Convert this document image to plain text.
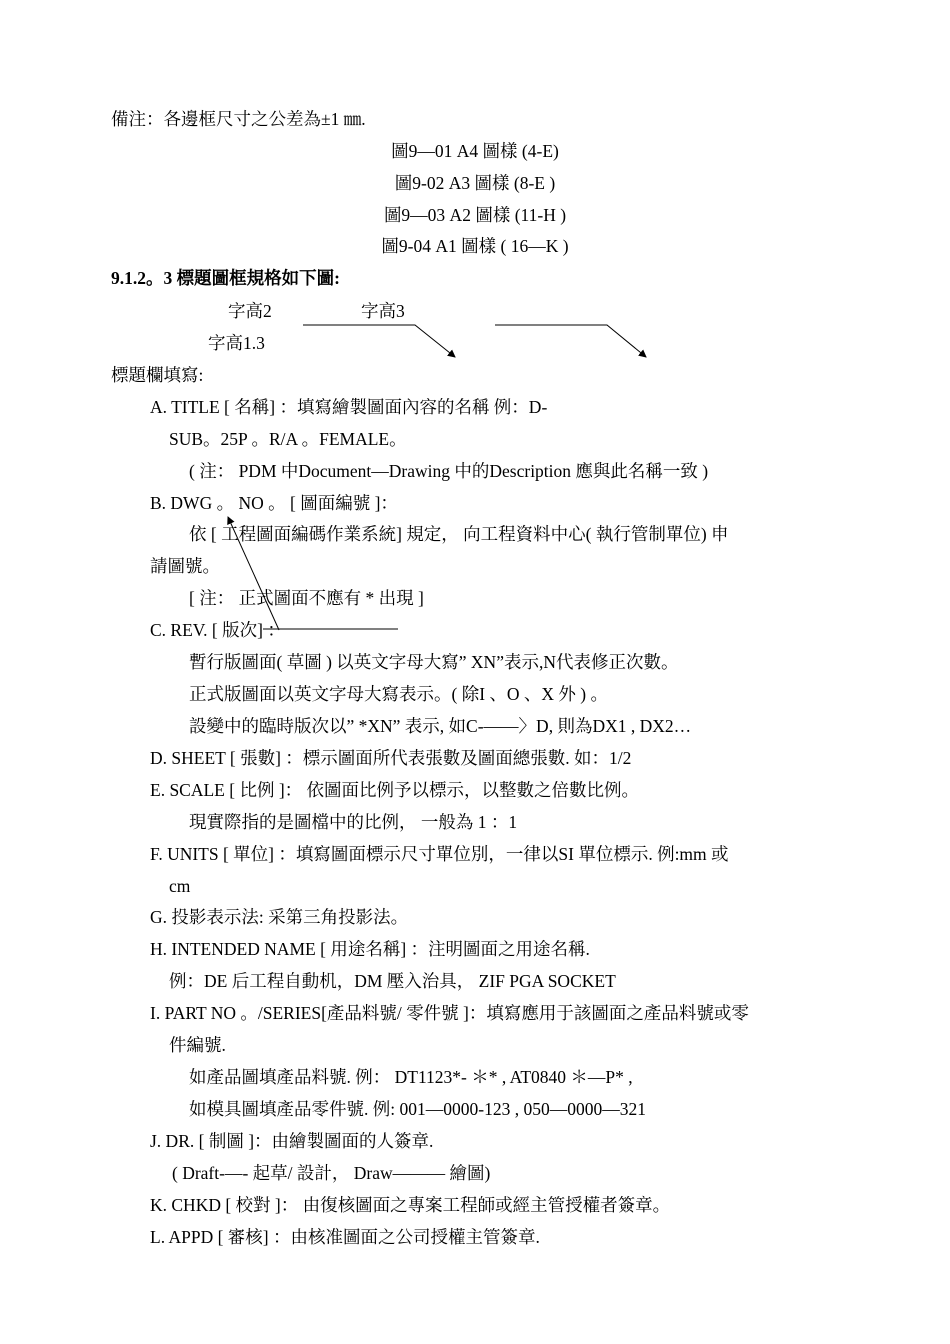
備注：各邊框尺寸之公差為±1 ㎜.
圖9—01 A4 圖樣 (4-E)
圖9-02 A3 圖樣 (8-E )
圖9—03 A2 圖樣 (11-H )
圖9-04 A1 圖樣 ( 16—K )
9.1.2。3 標題圖框規格如下圖:
字高2	字高3
字高1.3
標題欄填寫:
A. TITLE [ 名稱] ：填寫繪製圖面內容的名稱 例：D-
SUB。25P 。R/A 。FEMALE。
( 注： PDM 中Document—Drawing 中的Description 應與此名稱一致 )
B. DWG 。 NO 。 [ 圖面編號 ]：
依 [ 工程圖面編碼作業系統] 規定， 向工程資料中心( 執行管制單位) 申
請圖號。
[ 注： 正式圖面不應有 * 出現 ]
C. REV. [ 版次] ：
暫行版圖面( 草圖 ) 以英文字母大寫” XN”表示,N代表修正次數。
正式版圖面以英文字母大寫表示。( 除I 、O 、X 外 ) 。
設變中的臨時版次以” *XN” 表示, 如C-——〉D, 則為DX1 , DX2…
D. SHEET [ 張數] ：標示圖面所代表張數及圖面總張數. 如：1/2
E. SCALE [ 比例 ]： 依圖面比例予以標示，以整數之倍數比例。
現實際指的是圖檔中的比例， 一般為 1 ：1
F. UNITS [ 單位] ：填寫圖面標示尺寸單位別，一律以SI 單位標示. 例:mm 或
cm
G. 投影表示法: 采第三角投影法。
H. INTENDED NAME [ 用途名稱] ：注明圖面之用途名稱.
例：DE 后工程自動机，DM 壓入治具， ZIF PGA SOCKET
I. PART NO 。/SERIES[產品料號/ 零件號 ]：填寫應用于該圖面之產品料號或零
件編號.
如產品圖填產品料號. 例： DT1123*- ＊* , AT0840 ＊—P* ,
如模具圖填產品零件號. 例: 001—0000-123 , 050—0000—321
J. DR. [ 制圖 ]：由繪製圖面的人簽章.
( Draft-—- 起草/ 設計， Draw——— 繪圖)
K. CHKD [ 校對 ]： 由復核圖面之專案工程師或經主管授權者簽章。
L. APPD [ 審核] ：由核准圖面之公司授權主管簽章.
